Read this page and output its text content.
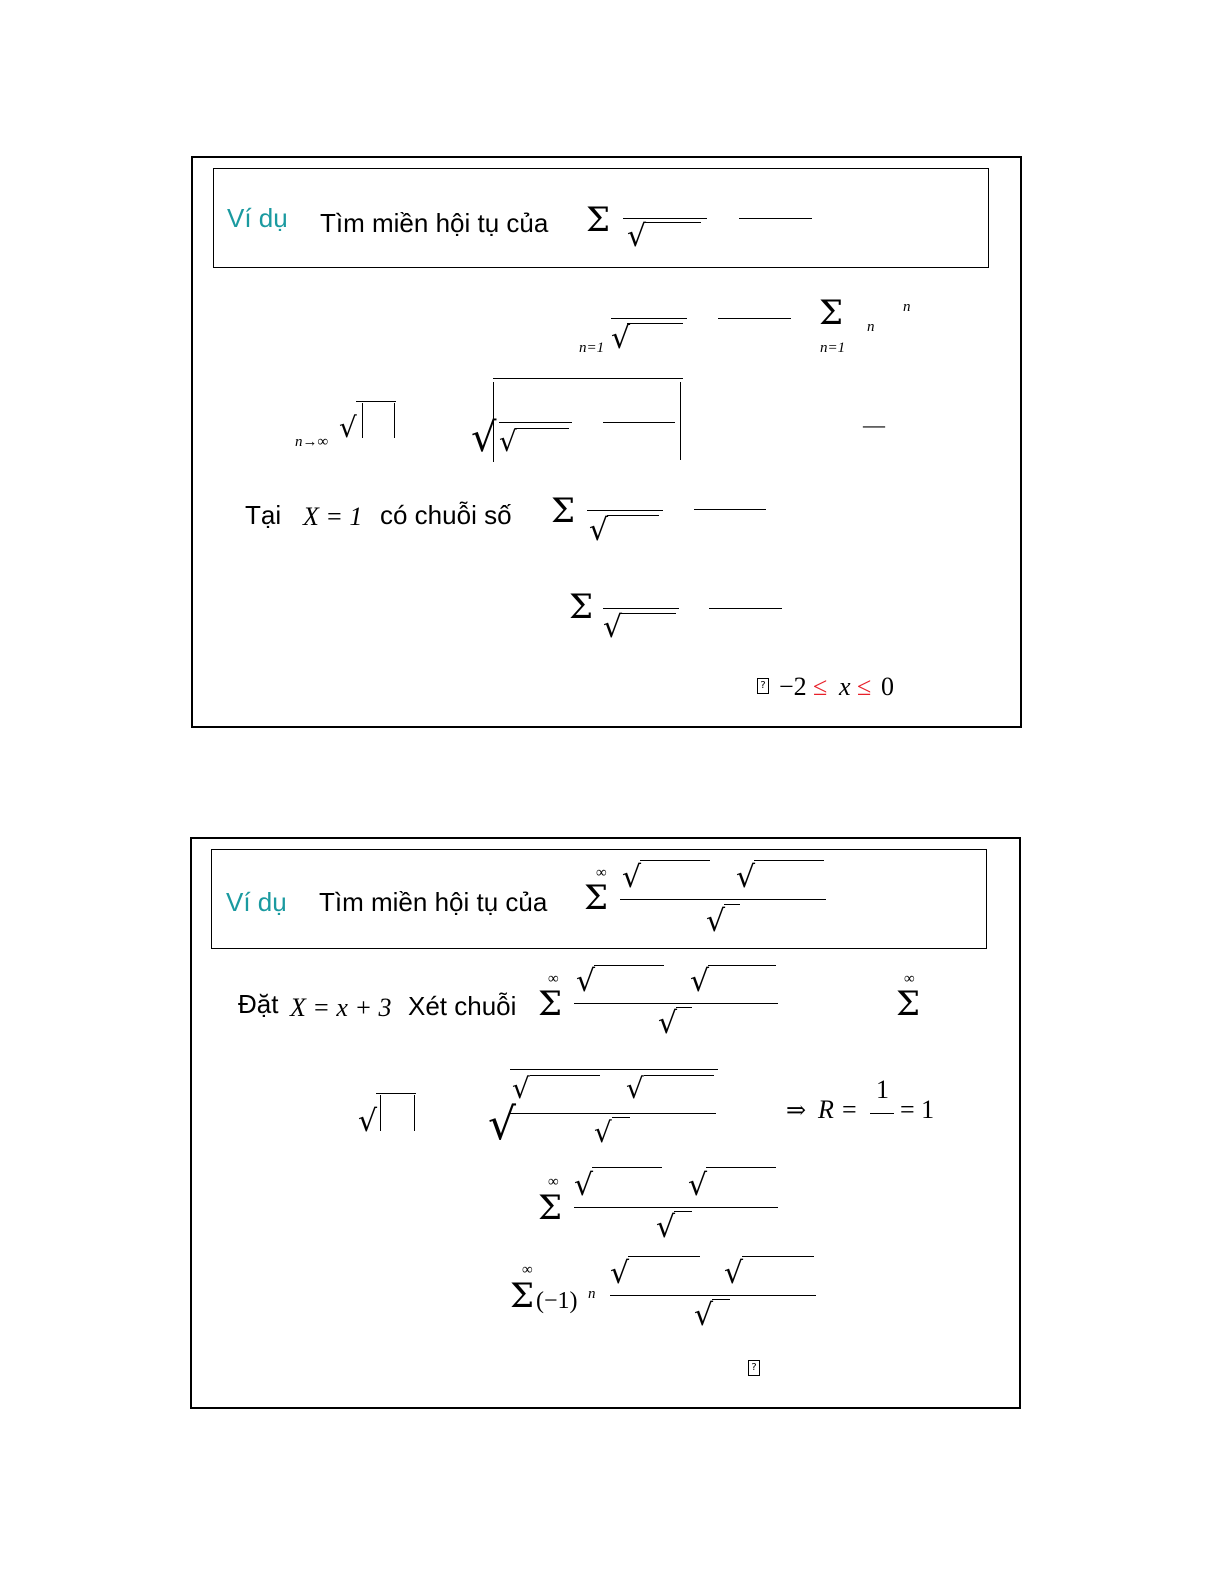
Ví dụ Tìm miền hội tụ của Σ √
√
n=1
Σ
n=1
n
n
n→∞ √	√ √
—
Tại X = 1 có chuỗi số Σ √
Σ
√
? −2 ≤ x ≤ 0
Ví dụ Tìm miền hội tụ của
∞
Σ
√	√
√
Đặt X = x + 3 Xét chuỗi
∞
Σ
√	√
√
∞
Σ
√	√
√	√
√
⇒ R =
1
= 1
∞
Σ
√	√
√
∞
Σ (−1) n
√	√
√
?
